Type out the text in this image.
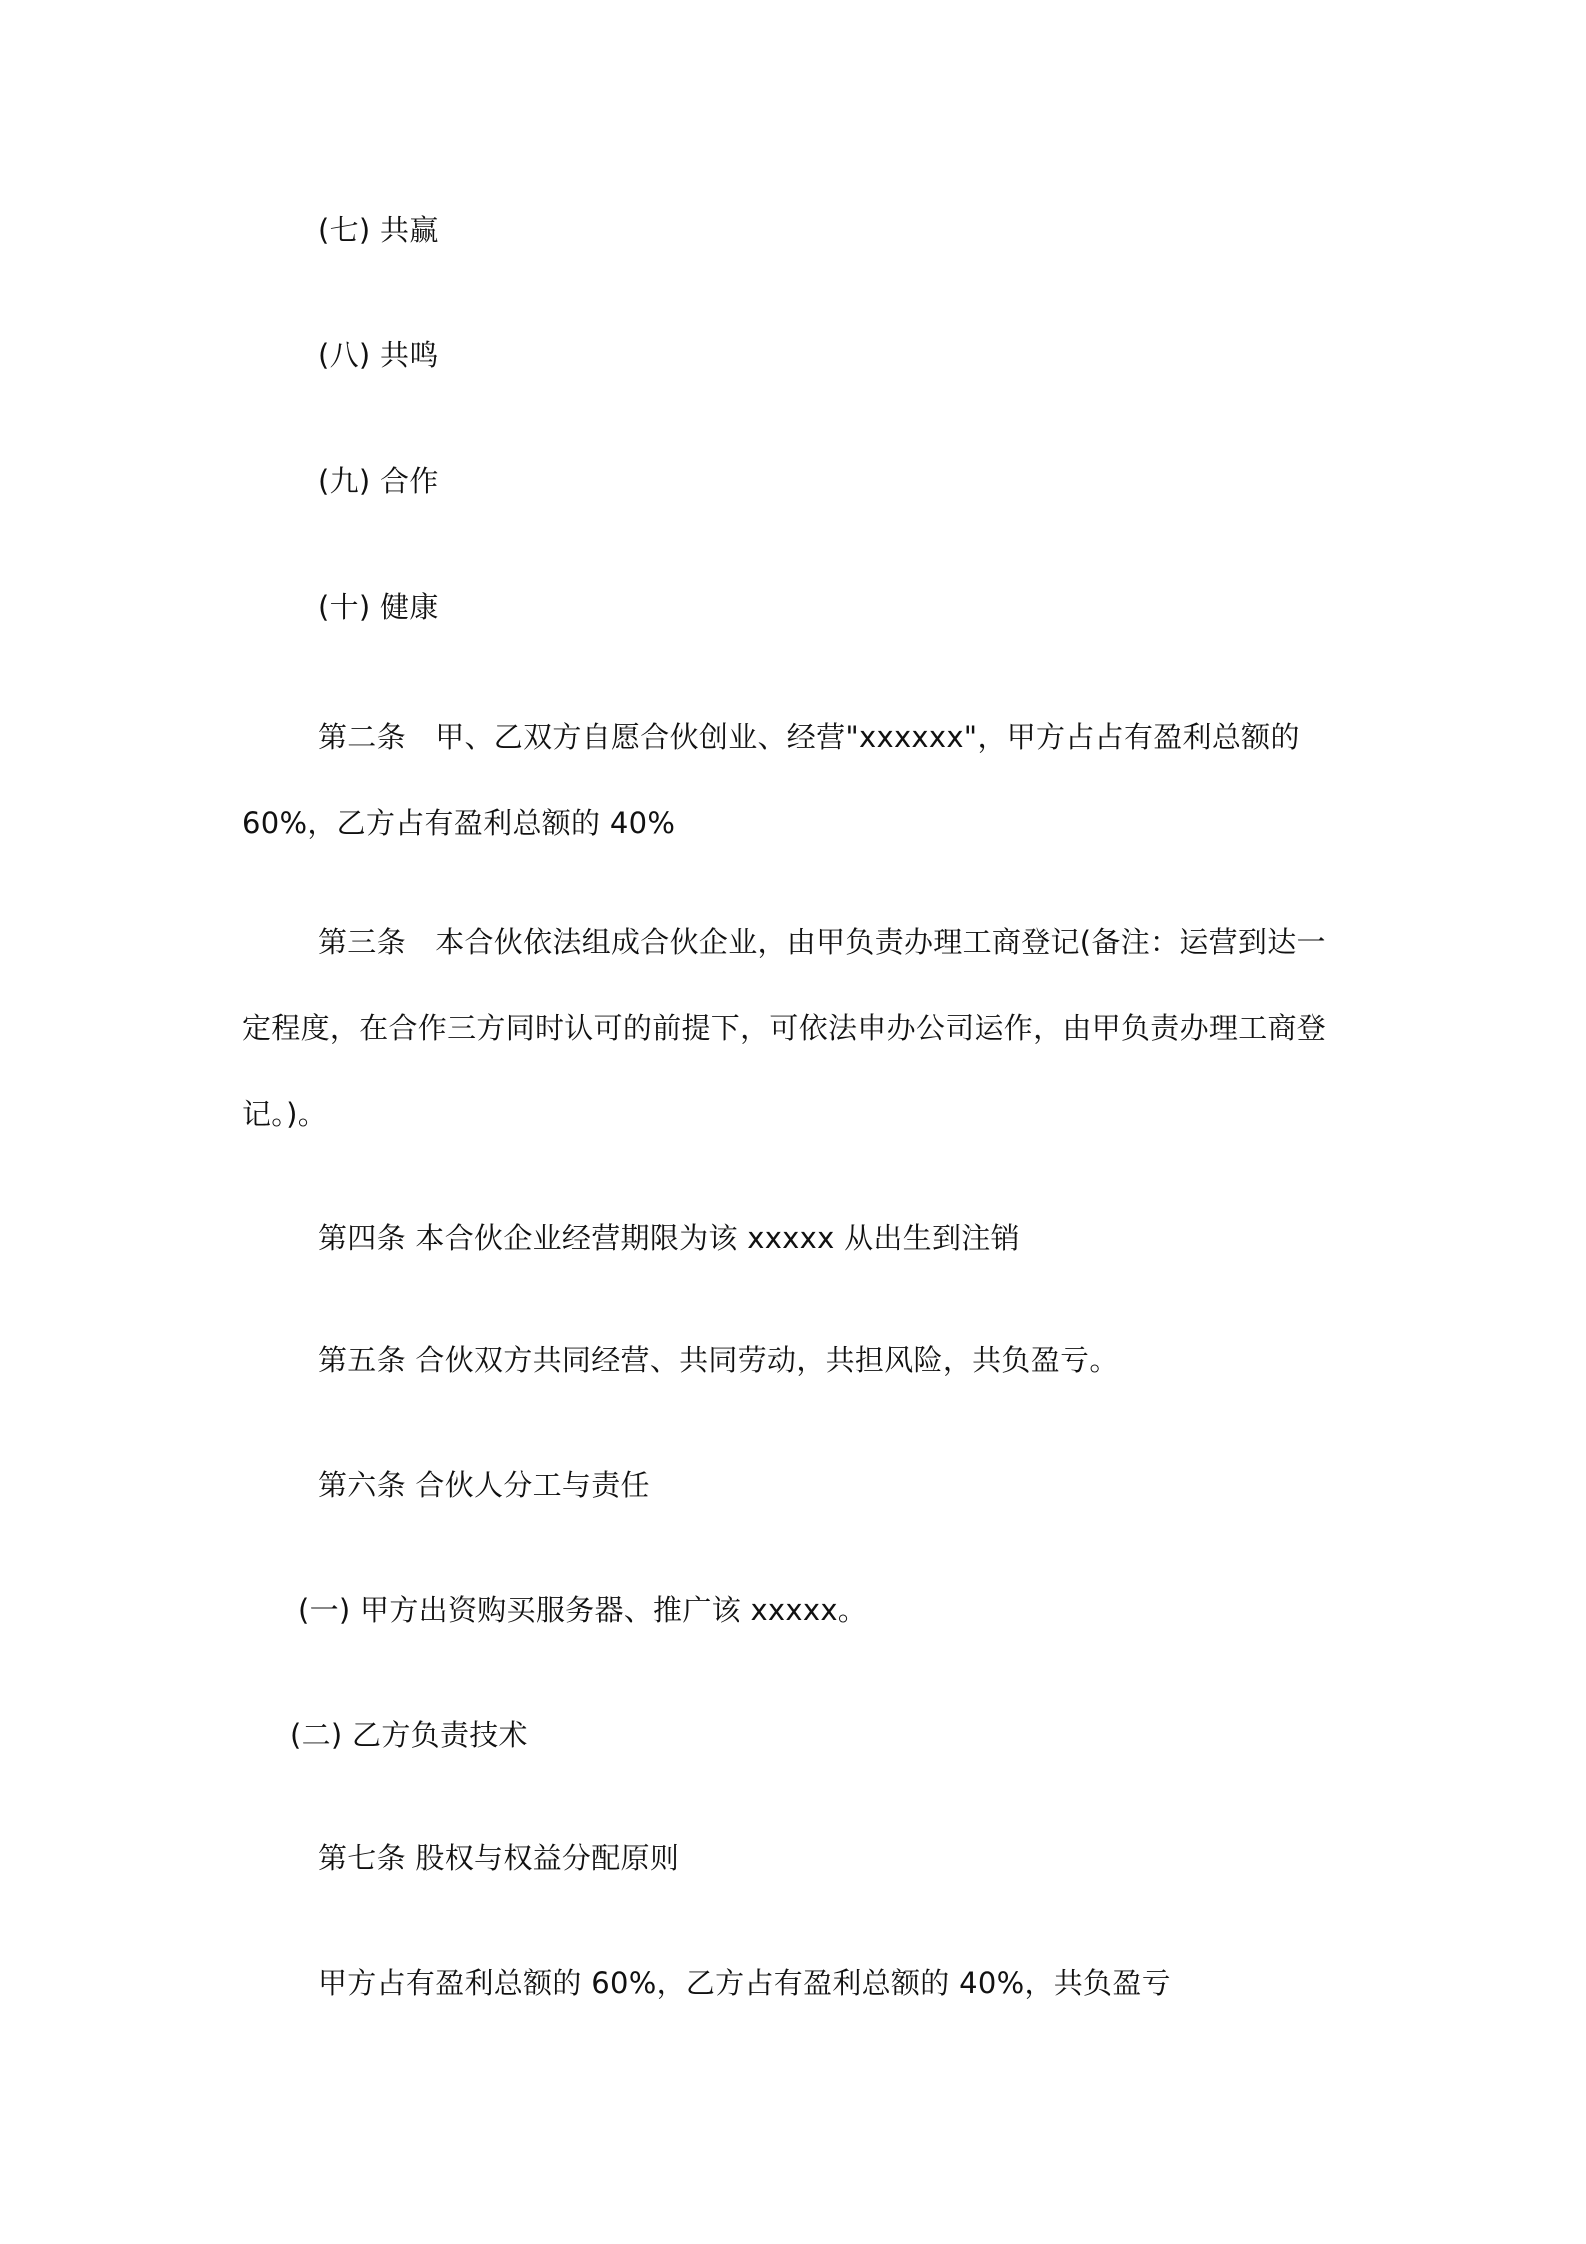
(七) 共赢
(八) 共鸣
(九) 合作
(十) 健康
第二条　甲、乙双方自愿合伙创业、经营"xxxxxx"，甲方占占有盈利总额的
60%，乙方占有盈利总额的 40%
第三条　本合伙依法组成合伙企业，由甲负责办理工商登记(备注：运营到达一
定程度，在合作三方同时认可的前提下，可依法申办公司运作，由甲负责办理工商登
记。)。
第四条 本合伙企业经营期限为该 xxxxx 从出生到注销
第五条 合伙双方共同经营、共同劳动，共担风险，共负盈亏。
第六条 合伙人分工与责任
(一) 甲方出资购买服务器、推广该 xxxxx。
(二) 乙方负责技术
第七条 股权与权益分配原则
甲方占有盈利总额的 60%，乙方占有盈利总额的 40%，共负盈亏
